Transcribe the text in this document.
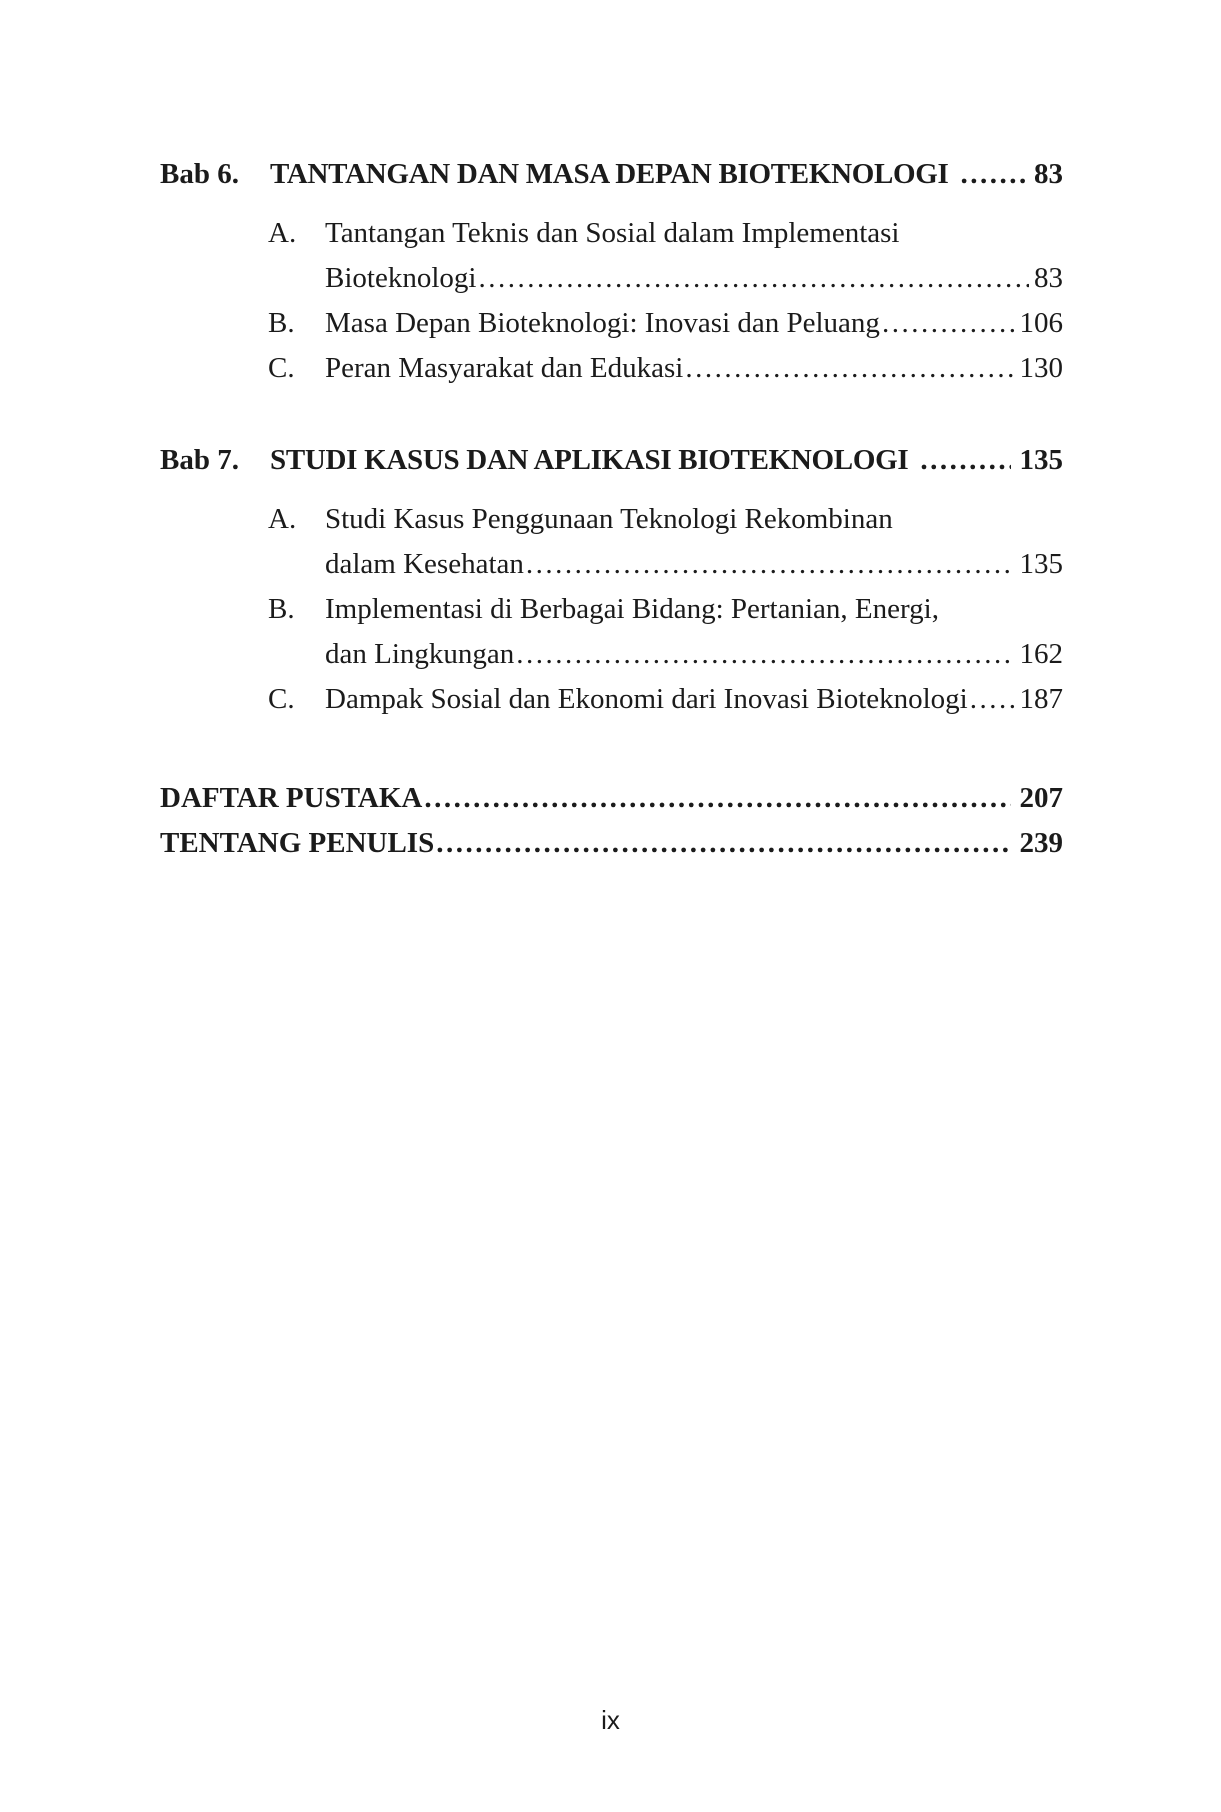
Bab 6.	TANTANGAN DAN MASA DEPAN BIOTEKNOLOGI .....	83
A. Tantangan Teknis dan Sosial dalam Implementasi
Bioteknologi .....	83
B.	Masa Depan Bioteknologi: Inovasi dan Peluang .....	106
C.	Peran Masyarakat dan Edukasi .....	130
Bab 7.	STUDI KASUS DAN APLIKASI BIOTEKNOLOGI .....	135
A. Studi Kasus Penggunaan Teknologi Rekombinan
dalam Kesehatan .....	135
B.	Implementasi di Berbagai Bidang: Pertanian, Energi,
dan Lingkungan .....	162
C.	Dampak Sosial dan Ekonomi dari Inovasi Bioteknologi ..... 187
DAFTAR PUSTAKA .....	207
TENTANG PENULIS .....	239
ix
